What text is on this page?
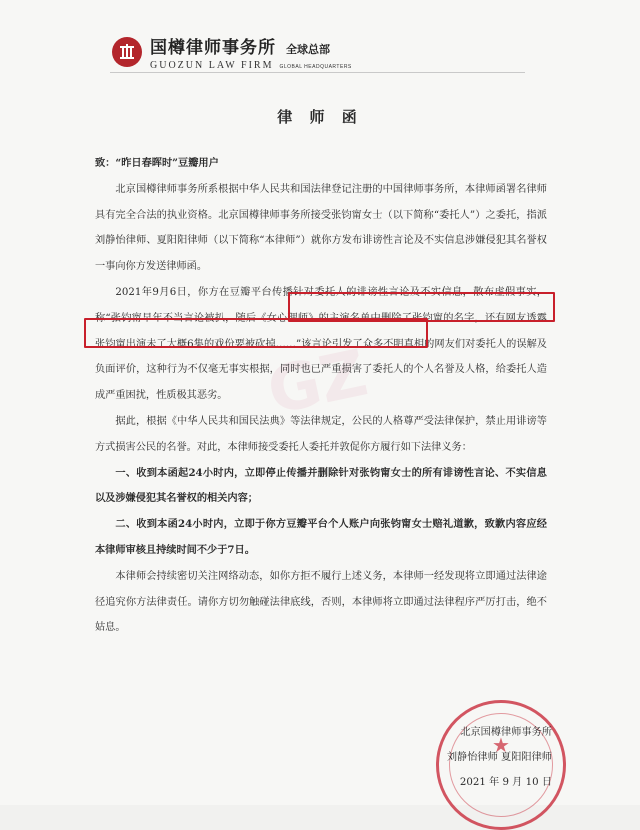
国樽律师事务所 全球总部
GUOZUN LAW FIRM GLOBAL HEADQUARTERS
律 师 函
GZ

致：“昨日春晖时”豆瓣用户

北京国樽律师事务所系根据中华人民共和国法律登记注册的中国律师事务所，本律师函署名律师具有完全合法的执业资格。北京国樽律师事务所接受张钧甯女士（以下简称“委托人”）之委托，指派刘静怡律师、夏阳阳律师（以下简称“本律师”）就你方发布诽谤性言论及不实信息涉嫌侵犯其名誉权一事向你方发送律师函。

2021年9月6日，你方在豆瓣平台传播针对委托人的诽谤性言论及不实信息，散布虚假事实，称“张钧甯早年不当言论被扒，随后《女心理师》的主演名单中删除了张钧甯的名字，还有网友透露张钧甯出演未了大概6集的戏份要被砍掉……”该言论引发了众多不明真相的网友们对委托人的误解及负面评价，这种行为不仅毫无事实根据，同时也已严重损害了委托人的个人名誉及人格，给委托人造成严重困扰，性质极其恶劣。

据此，根据《中华人民共和国民法典》等法律规定，公民的人格尊严受法律保护，禁止用诽谤等方式损害公民的名誉。对此，本律师接受委托人委托并敦促你方履行如下法律义务：

一、收到本函起24小时内，立即停止传播并删除针对张钧甯女士的所有诽谤性言论、不实信息以及涉嫌侵犯其名誉权的相关内容；

二、收到本函24小时内，立即于你方豆瓣平台个人账户向张钧甯女士赔礼道歉，致歉内容应经本律师审核且持续时间不少于7日。

本律师会持续密切关注网络动态，如你方拒不履行上述义务，本律师一经发现将立即通过法律途径追究你方法律责任。请你方切勿触碰法律底线，否则，本律师将立即通过法律程序严厉打击，绝不姑息。

★
北京国樽律师事务所
刘静怡律师 夏阳阳律师
2021 年 9 月 10 日
